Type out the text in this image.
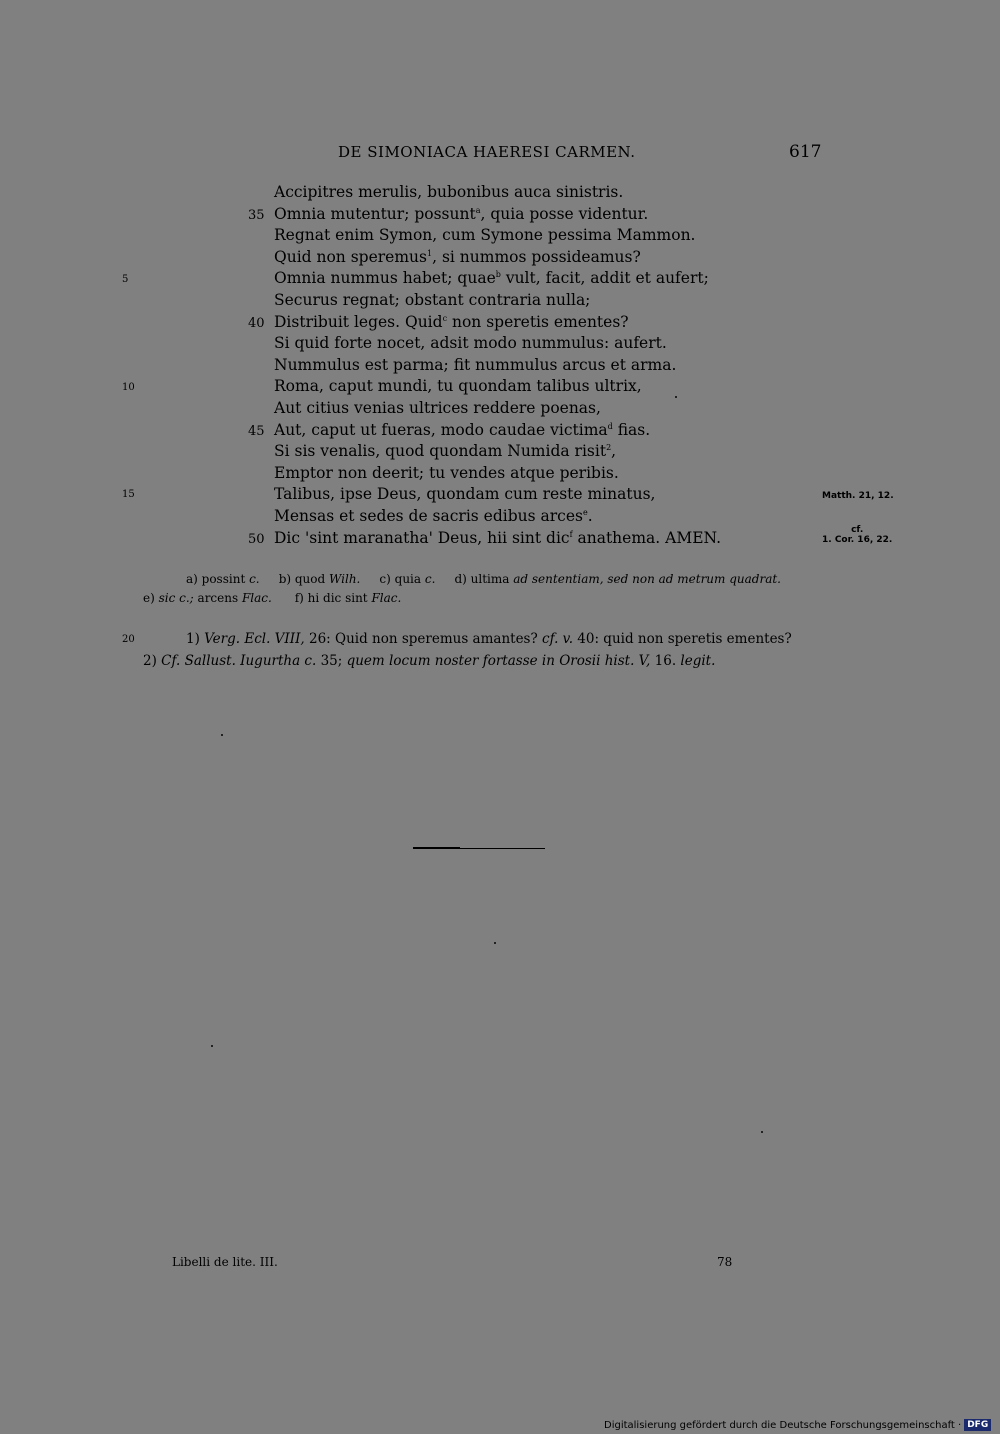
DE SIMONIACA HAERESI CARMEN.	617
Accipitres merulis, bubonibus auca sinistris.
35 Omnia mutentur; possunt$^a$, quia posse videntur.
Regnat enim Symon, cum Symone pessima Mammon.
Quid non speremus$^1$, si nummos possideamus?
Omnia nummus habet; quae$^b$ vult, facit, addit et aufert;
Securus regnat; obstant contraria nulla;
40 Distribuit leges. Quid$^c$ non speretis ementes?
Si quid forte nocet, adsit modo nummulus: aufert.
Nummulus est parma; fit nummulus arcus et arma.
Roma, caput mundi, tu quondam talibus ultrix,
Aut citius venias ultrices reddere poenas,
45 Aut, caput ut fueras, modo caudae victima$^d$ fias.
Si sis venalis, quod quondam Numida risit$^2$,
Emptor non deerit; tu vendes atque peribis.
Talibus, ipse Deus, quondam cum reste minatus,
Mensas et sedes de sacris edibus arces$^e$.
50 Dic 'sint maranatha' Deus, hii sint dic$^f$ anathema. AMEN.
5
10
15
20
Matth. 21, 12.
cf.
1. Cor. 16, 22.
a) possint c.     b) quod Wilh.     c) quia c.     d) ultima ad sententiam, sed non ad metrum quadrat.
e) sic c.; arcens Flac.      f) hi dic sint Flac.
1) Verg. Ecl. VIII, 26: Quid non speremus amantes? cf. v. 40: quid non speretis ementes?
2) Cf. Sallust. Iugurtha c. 35; quem locum noster fortasse in Orosii hist. V, 16. legit.
Libelli de lite. III.	78
Digitalisierung gefördert durch die Deutsche Forschungsgemeinschaft · DFG
